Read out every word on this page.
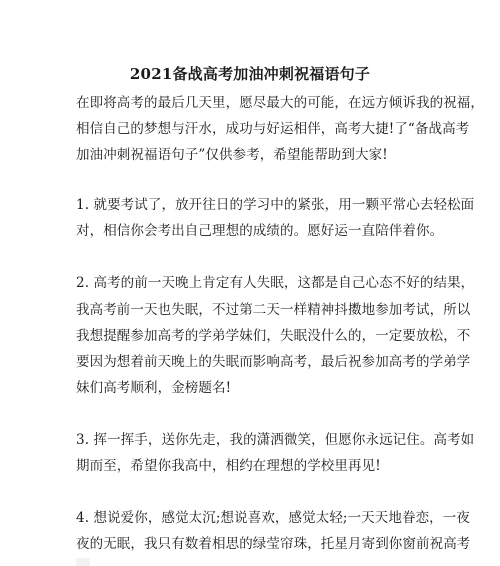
2021备战高考加油冲刺祝福语句子
在即将高考的最后几天里，愿尽最大的可能，在远方倾诉我的祝福，
相信自己的梦想与汗水，成功与好运相伴，高考大捷!了“备战高考
加油冲刺祝福语句子”仅供参考，希望能帮助到大家!
1. 就要考试了，放开往日的学习中的紧张，用一颗平常心去轻松面
对，相信你会考出自己理想的成绩的。愿好运一直陪伴着你。
2. 高考的前一天晚上肯定有人失眠，这都是自己心态不好的结果，
我高考前一天也失眠，不过第二天一样精神抖擞地参加考试，所以
我想提醒参加高考的学弟学妹们，失眠没什么的，一定要放松，不
要因为想着前天晚上的失眠而影响高考，最后祝参加高考的学弟学
妹们高考顺利，金榜题名!
3. 挥一挥手，送你先走，我的潇洒微笑，但愿你永远记住。高考如
期而至，希望你我高中，相约在理想的学校里再见!
4. 想说爱你，感觉太沉;想说喜欢，感觉太轻;一天天地眷恋，一夜
夜的无眠，我只有数着相思的绿莹帘珠，托星月寄到你窗前祝高考
